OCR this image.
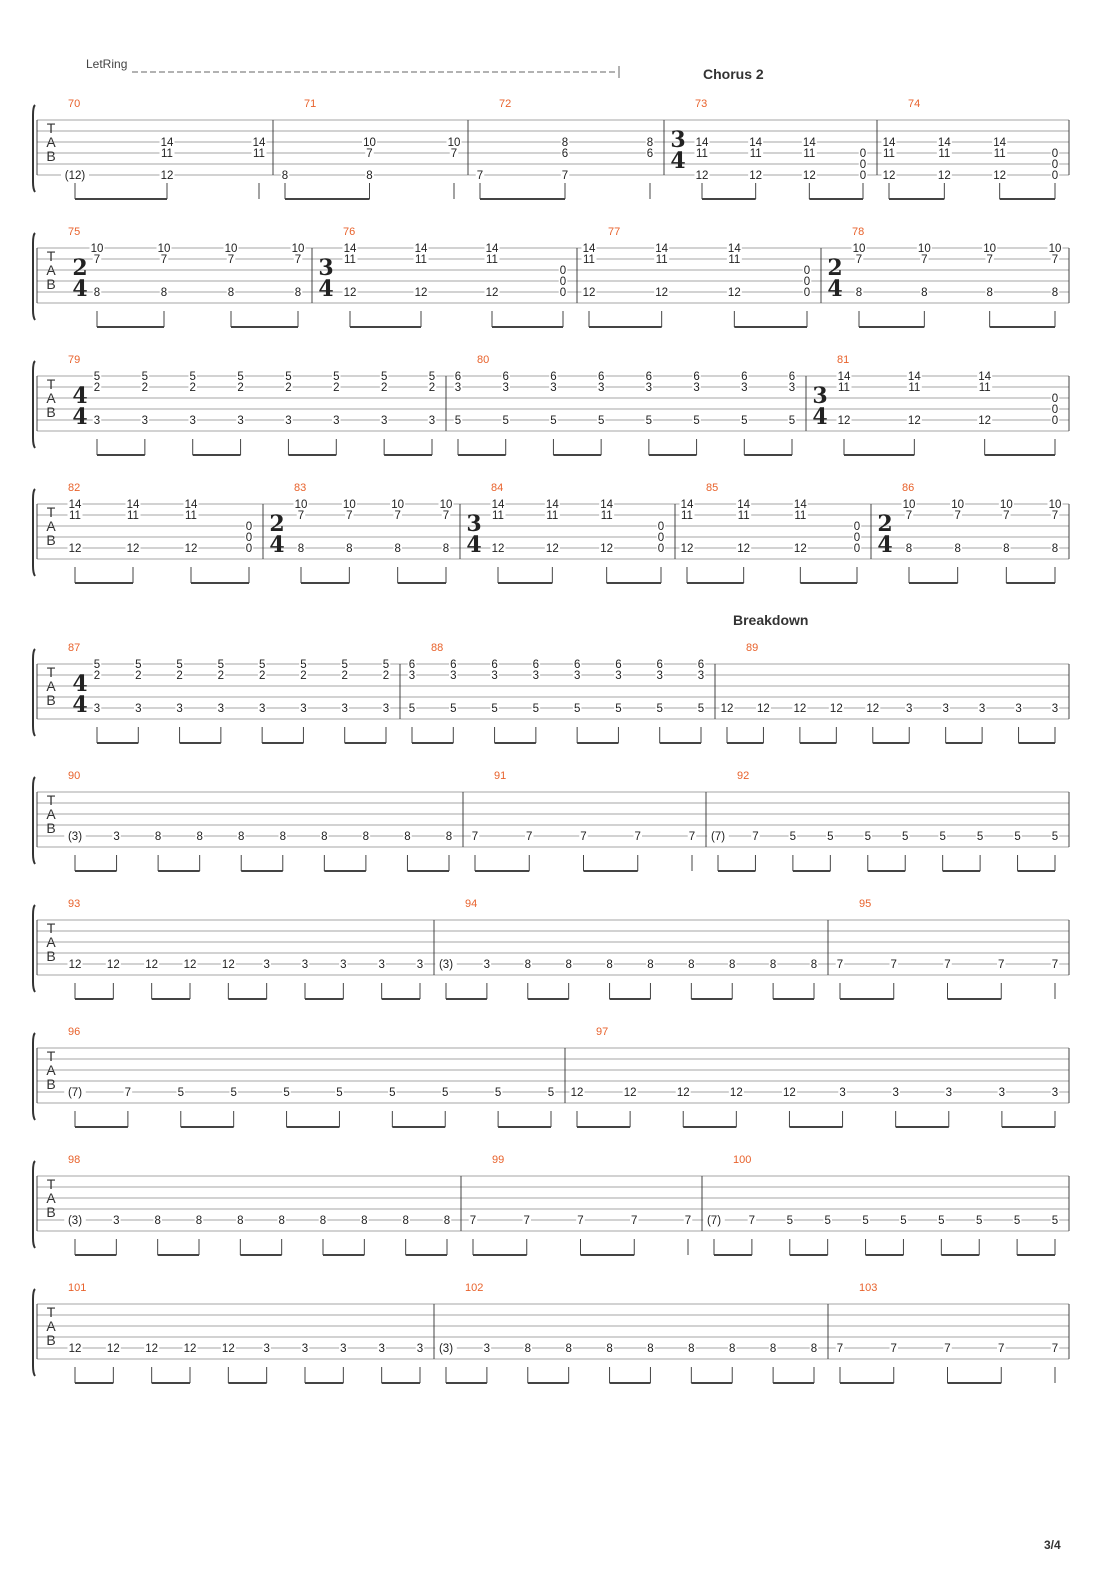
LetRing
Chorus 2
Breakdown
3/4
T
A
B
70
(12)
14
11
12
14
11
71
8
10
7
8
10
7
72
7
8
6
7
8
6
73
3
4
14
11
12
14
11
12
14
11
12
0
0
0
74
14
11
12
14
11
12
14
11
12
0
0
0
T
A
B
75
2
4
10
7
8
10
7
8
10
7
8
10
7
8
76
3
4
14
11
12
14
11
12
14
11
12
0
0
0
77
14
11
12
14
11
12
14
11
12
0
0
0
78
2
4
10
7
8
10
7
8
10
7
8
10
7
8
T
A
B
79
4
4
5
2
3
5
2
3
5
2
3
5
2
3
5
2
3
5
2
3
5
2
3
5
2
3
80
6
3
5
6
3
5
6
3
5
6
3
5
6
3
5
6
3
5
6
3
5
6
3
5
81
3
4
14
11
12
14
11
12
14
11
12
0
0
0
T
A
B
82
14
11
12
14
11
12
14
11
12
0
0
0
83
2
4
10
7
8
10
7
8
10
7
8
10
7
8
84
3
4
14
11
12
14
11
12
14
11
12
0
0
0
85
14
11
12
14
11
12
14
11
12
0
0
0
86
2
4
10
7
8
10
7
8
10
7
8
10
7
8
T
A
B
87
4
4
5
2
3
5
2
3
5
2
3
5
2
3
5
2
3
5
2
3
5
2
3
5
2
3
88
6
3
5
6
3
5
6
3
5
6
3
5
6
3
5
6
3
5
6
3
5
6
3
5
89
12 12 12 12 12 3	3	3	3	3
T
A
B
90
(3)	3	8	8	8	8	8	8	8	8
91
7	7	7	7	7
92
(7) 7	5	5	5	5	5	5	5	5
T
A
B
93
12 12 12 12 12 3	3	3	3	3
94
(3)	3	8	8	8	8	8	8	8	8
95
7	7	7	7	7
T
A
B
96
(7)	7	5	5	5	5	5	5	5	5
97
12	12	12	12	12	3	3	3	3	3
T
A
B
98
(3)	3	8	8	8	8	8	8	8	8
99
7	7	7	7	7
100
(7) 7	5	5	5	5	5	5	5	5
T
A
B
101
12 12 12 12 12 3	3	3	3	3
102
(3)	3	8	8	8	8	8	8	8	8
103
7	7	7	7	7
